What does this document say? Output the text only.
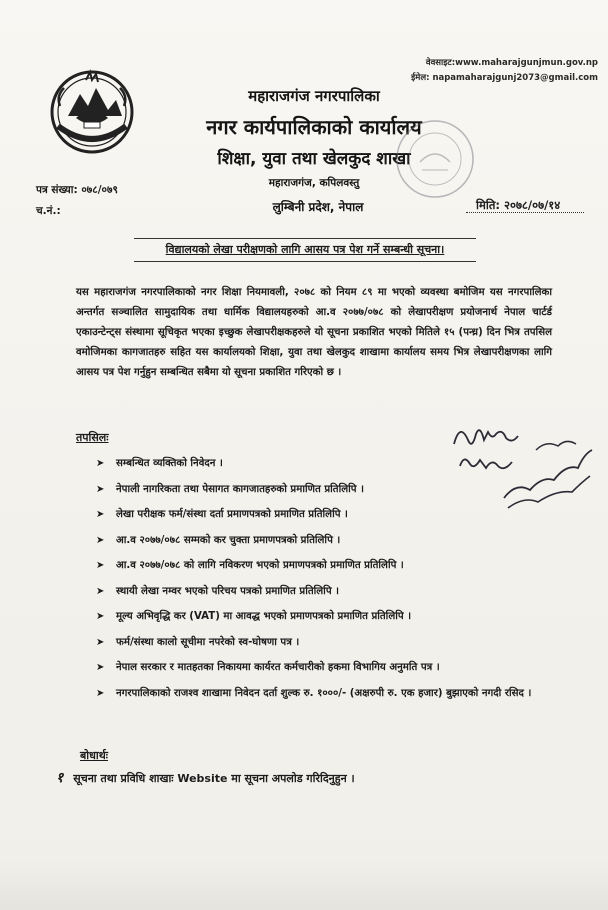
वेवसाइट:www.maharajgunjmun.gov.np
ईमेल: napamaharajgunj2073@gmail.com
महाराजगंज नगरपालिका
नगर कार्यपालिकाको कार्यालय
शिक्षा, युवा तथा खेलकुद शाखा
महाराजगंज, कपिलवस्तु
लुम्बिनी प्रदेश, नेपाल
पत्र संख्या: ०७८/०७९
च.नं.:	मिति: २०७८/०७/१४
विद्यालयको लेखा परीक्षणको लागि आसय पत्र पेश गर्ने सम्बन्धी सूचना।
यस महाराजगंज नगरपालिकाको नगर शिक्षा नियमावली, २०७८ को नियम ८९ मा भएको व्यवस्था बमोजिम यस नगरपालिका अन्तर्गत सञ्चालित सामुदायिक तथा धार्मिक विद्यालयहरुको आ.व २०७७/०७८ को लेखापरीक्षण प्रयोजनार्थ नेपाल चार्टर्ड एकाउन्टेन्ट्स संस्थामा सूचिकृत भएका इच्छुक लेखापरीक्षकहरुले यो सूचना प्रकाशित भएको मितिले १५ (पन्ध्र) दिन भित्र तपसिल वमोजिमका कागजातहरु सहित यस कार्यालयको शिक्षा, युवा तथा खेलकुद शाखामा कार्यालय समय भित्र लेखापरीक्षणका लागि आसय पत्र पेश गर्नुहुन सम्बन्धित सबैमा यो सूचना प्रकाशित गरिएको छ ।
तपसिलः
➤ सम्बन्धित व्यक्तिको निवेदन ।
➤ नेपाली नागरिकता तथा पेसागत कागजातहरुको प्रमाणित प्रतिलिपि ।
➤ लेखा परीक्षक फर्म/संस्था दर्ता प्रमाणपत्रको प्रमाणित प्रतिलिपि ।
➤ आ.व २०७७/०७८ सम्मको कर चुक्ता प्रमाणपत्रको प्रतिलिपि ।
➤ आ.व २०७७/०७८ को लागि नविकरण भएको प्रमाणपत्रको प्रमाणित प्रतिलिपि ।
➤ स्थायी लेखा नम्वर भएको परिचय पत्रको प्रमाणित प्रतिलिपि ।
➤ मूल्य अभिवृद्धि कर (VAT) मा आवद्ध भएको प्रमाणपत्रको प्रमाणित प्रतिलिपि ।
➤ फर्म/संस्था कालो सूचीमा नपरेको स्व-घोषणा पत्र ।
➤ नेपाल सरकार र मातहतका निकायमा कार्यरत कर्मचारीको हकमा विभागिय अनुमति पत्र ।
➤ नगरपालिकाको राजश्व शाखामा निवेदन दर्ता शुल्क रु. १०००/- (अक्षरुपी रु. एक हजार) बुझाएको नगदी रसिद ।
बोधार्थः
१ सूचना तथा प्रविधि शाखाः Website मा सूचना अपलोड गरिदिनुहुन ।
